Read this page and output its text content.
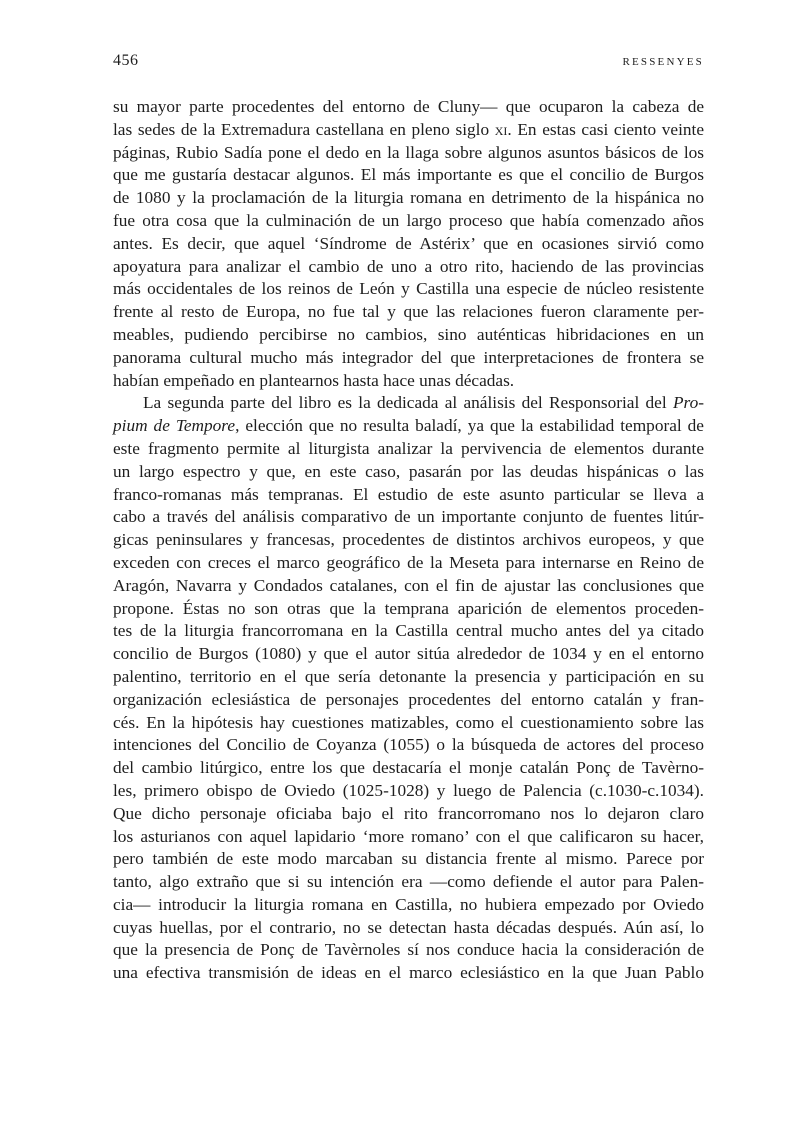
456	RESSENYES
su mayor parte procedentes del entorno de Cluny— que ocuparon la cabeza de
las sedes de la Extremadura castellana en pleno siglo xi. En estas casi ciento veinte
páginas, Rubio Sadía pone el dedo en la llaga sobre algunos asuntos básicos de los
que me gustaría destacar algunos. El más importante es que el concilio de Burgos
de 1080 y la proclamación de la liturgia romana en detrimento de la hispánica no
fue otra cosa que la culminación de un largo proceso que había comenzado años
antes. Es decir, que aquel ‘Síndrome de Astérix’ que en ocasiones sirvió como
apoyatura para analizar el cambio de uno a otro rito, haciendo de las provincias
más occidentales de los reinos de León y Castilla una especie de núcleo resistente
frente al resto de Europa, no fue tal y que las relaciones fueron claramente per-
meables, pudiendo percibirse no cambios, sino auténticas hibridaciones en un
panorama cultural mucho más integrador del que interpretaciones de frontera se
habían empeñado en plantearnos hasta hace unas décadas.
La segunda parte del libro es la dedicada al análisis del Responsorial del Pro-
pium de Tempore, elección que no resulta baladí, ya que la estabilidad temporal de
este fragmento permite al liturgista analizar la pervivencia de elementos durante
un largo espectro y que, en este caso, pasarán por las deudas hispánicas o las
franco-romanas más tempranas. El estudio de este asunto particular se lleva a
cabo a través del análisis comparativo de un importante conjunto de fuentes litúr-
gicas peninsulares y francesas, procedentes de distintos archivos europeos, y que
exceden con creces el marco geográfico de la Meseta para internarse en Reino de
Aragón, Navarra y Condados catalanes, con el fin de ajustar las conclusiones que
propone. Éstas no son otras que la temprana aparición de elementos proceden-
tes de la liturgia francorromana en la Castilla central mucho antes del ya citado
concilio de Burgos (1080) y que el autor sitúa alrededor de 1034 y en el entorno
palentino, territorio en el que sería detonante la presencia y participación en su
organización eclesiástica de personajes procedentes del entorno catalán y fran-
cés. En la hipótesis hay cuestiones matizables, como el cuestionamiento sobre las
intenciones del Concilio de Coyanza (1055) o la búsqueda de actores del proceso
del cambio litúrgico, entre los que destacaría el monje catalán Ponç de Tavèrno-
les, primero obispo de Oviedo (1025-1028) y luego de Palencia (c.1030-c.1034).
Que dicho personaje oficiaba bajo el rito francorromano nos lo dejaron claro
los asturianos con aquel lapidario ‘more romano’ con el que calificaron su hacer,
pero también de este modo marcaban su distancia frente al mismo. Parece por
tanto, algo extraño que si su intención era —como defiende el autor para Palen-
cia— introducir la liturgia romana en Castilla, no hubiera empezado por Oviedo
cuyas huellas, por el contrario, no se detectan hasta décadas después. Aún así, lo
que la presencia de Ponç de Tavèrnoles sí nos conduce hacia la consideración de
una efectiva transmisión de ideas en el marco eclesiástico en la que Juan Pablo
